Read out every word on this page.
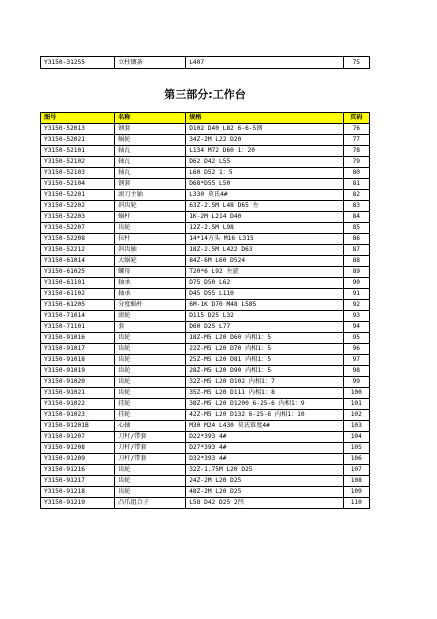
Y3150-31255	立柱镶条	L407	75
第三部分:工作台
图号	名称	规格	页码
Y3150-52013	钢套	D102 D40 L82 6-6-5钢	76
Y3150-52021	蜗轮	34Z-2M L22 D20	77
Y3150-52101	轴瓦	L134 M72 D60 1：20	78
Y3150-52102	轴瓦	D62 D42 L55	79
Y3150-52103	轴瓦	L60 D52 1：5	80
Y3150-52104	钢套	D68*D55 L50	81
Y3150-52201	滚刀主轴	L330 莫氏4#	82
Y3150-52202	斜齿轮	63Z-2.5M L48 D65 左	83
Y3150-52203	蜗杆	1K-2M L214 D40	84
Y3150-52207	齿轮	12Z-2.5M L98	85
Y3150-52208	拉杆	14*14方头 M16 L315	86
Y3150-52212	斜齿轴	18Z-2.5M L422 D63	87
Y3150-61014	大蜗轮	84Z-6M L60 D524	88
Y3150-61025	螺母	T20*6 L92 左旋	89
Y3150-61101	轴承	D75 D50 L62	90
Y3150-61102	轴承	D45 D55 L110	91
Y3150-61205	分度蜗杆	6M-1K D70 M48 L585	92
Y3150-71014	滚轮	D115 D25 L32	93
Y3150-71101	套	D60 D25 L77	94
Y3150-91016	齿轮	18Z-M5 L20 D60 内相1：5	95
Y3150-91017	齿轮	22Z-M5 L20 D70 内相1：5	96
Y3150-91018	齿轮	25Z-M5 L20 D81 内相1：5	97
Y3150-91019	齿轮	28Z-M5 L20 D90 内相1：5	98
Y3150-91020	齿轮	32Z-M5 L20 D102 内相1：7	99
Y3150-91021	齿轮	35Z-M5 L20 D111 内相1：8	100
Y3150-91022	挂轮	38Z-M5 L20 D1200 6-25-6 内相1：9	101
Y3150-91023	挂轮	42Z-M5 L20 D132 6-25-6 内相1：10	102
Y3150-91201B	心轴	M30 M24 L430 莫氏锥度4#	103
Y3150-91207	刀杆/带套	D22*393 4#	104
Y3150-91208	刀杆/带套	D27*393 4#	105
Y3150-91209	刀杆/带套	D32*393 4#	106
Y3150-91216	齿轮	32Z-1.75M L20 D25	107
Y3150-91217	齿轮	24Z-2M L20 D25	108
Y3150-91218	齿轮	48Z-2M L20 D25	109
Y3150-91219	凸爪组合子	L58 D42 D25 2凹	110
